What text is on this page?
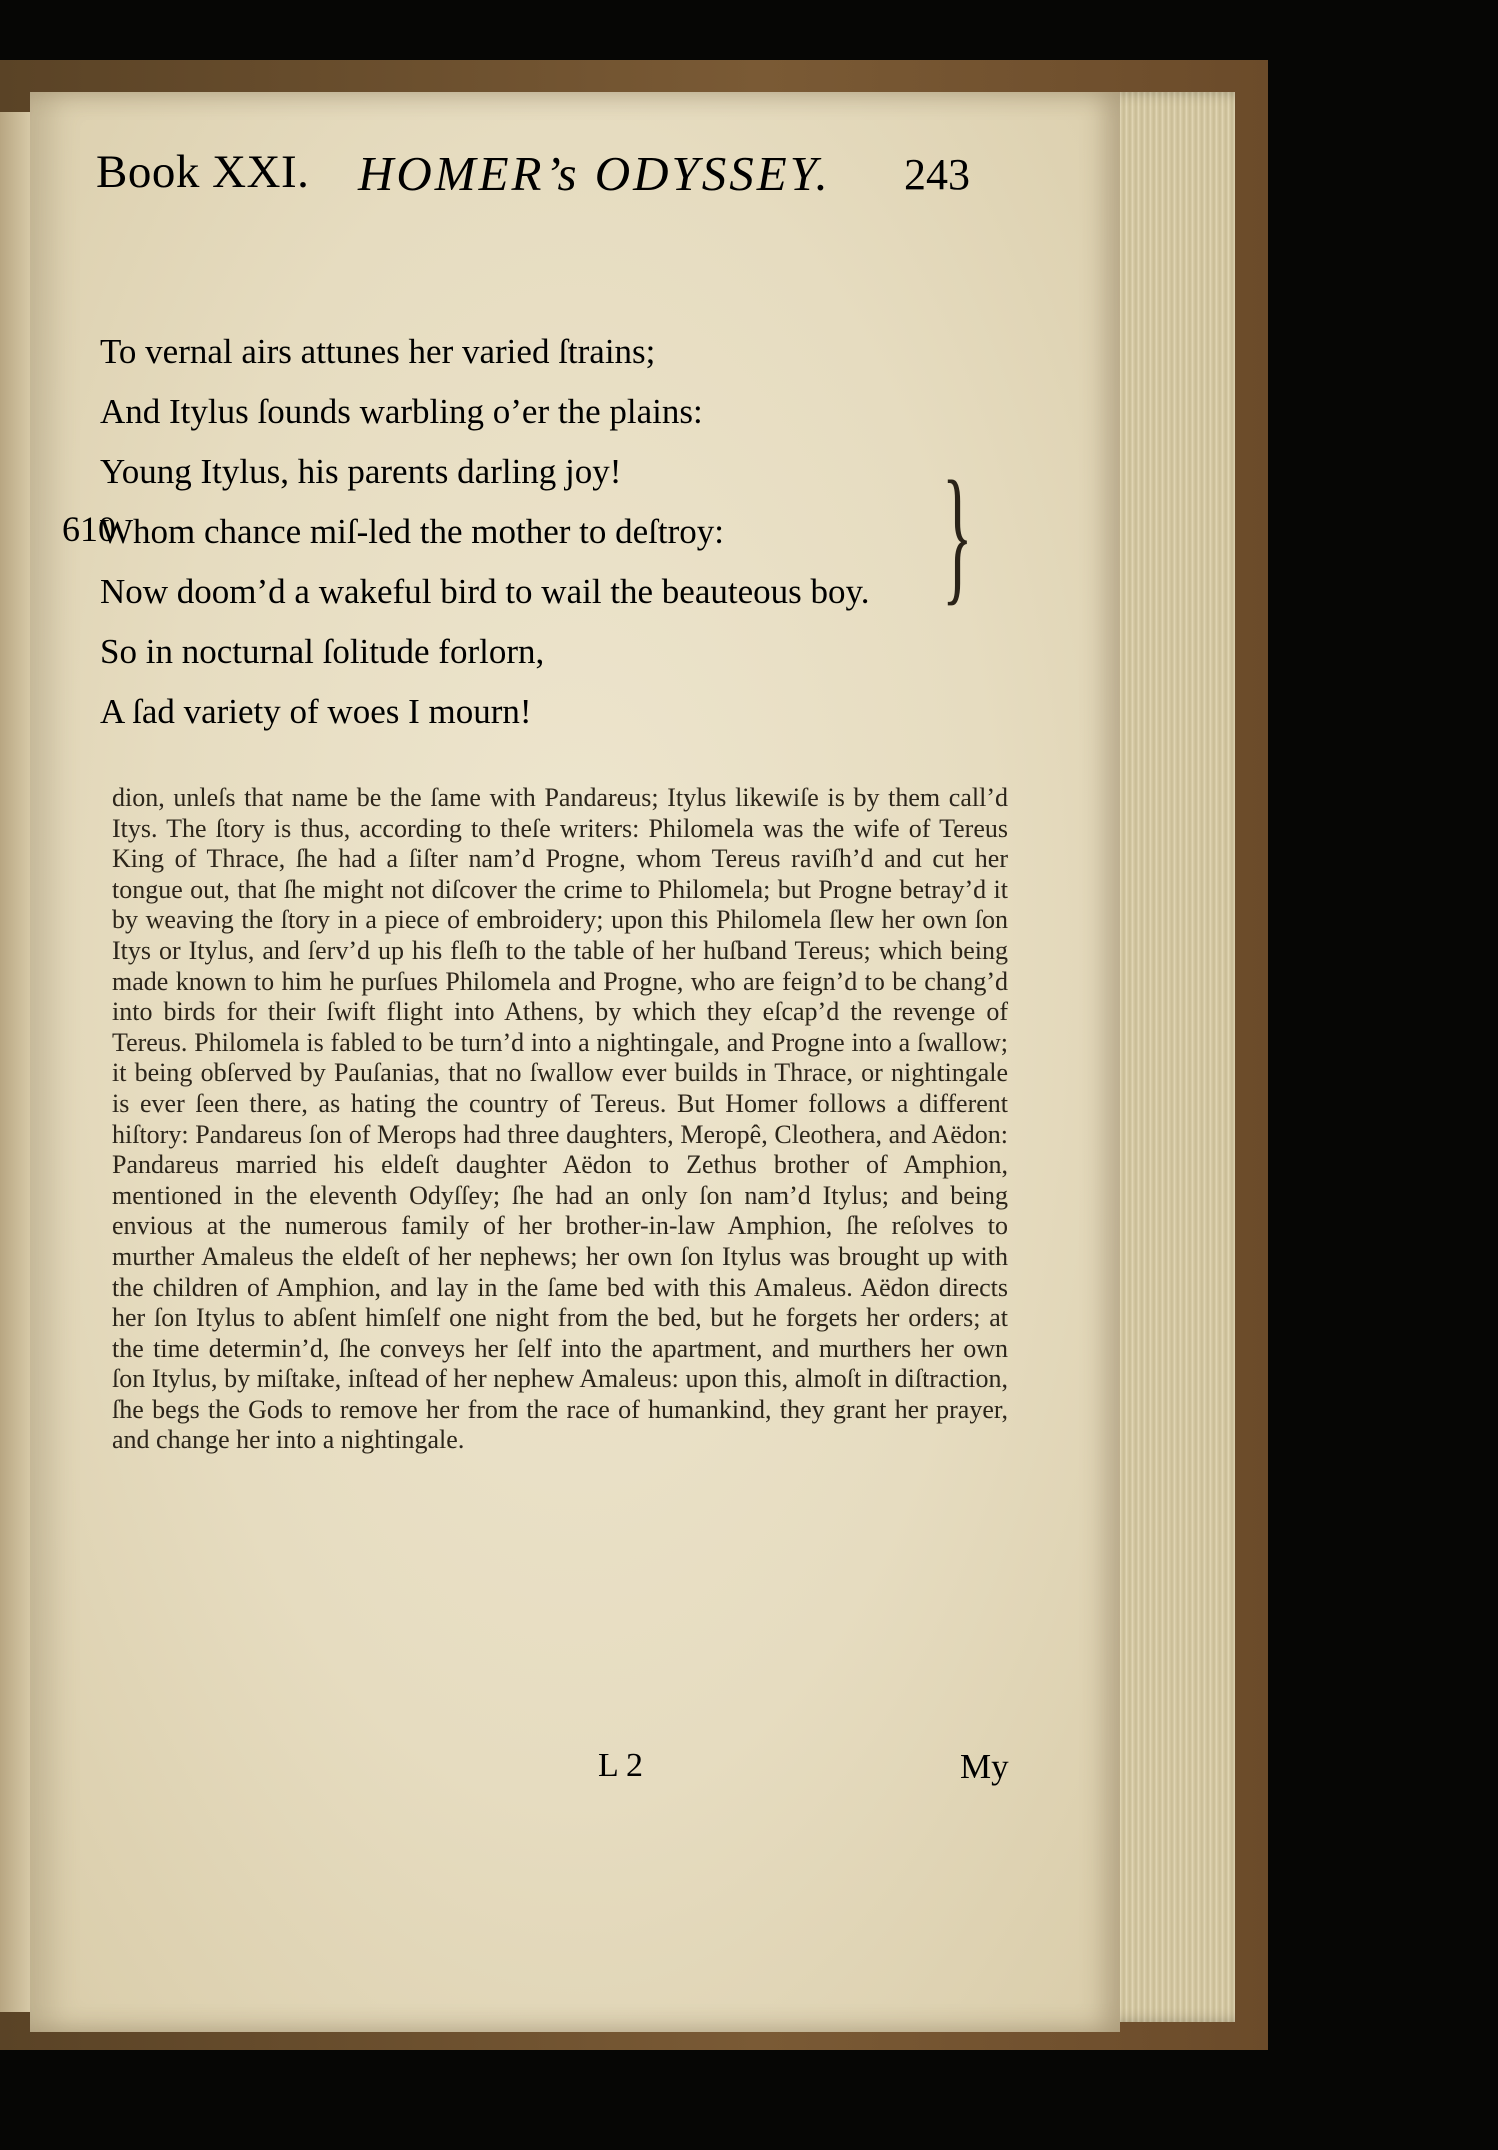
Book XXI. HOMER’s ODYSSEY. 243
To vernal airs attunes her varied ſtrains;
And Itylus ſounds warbling o’er the plains:
Young Itylus, his parents darling joy!
610
Whom chance miſ-led the mother to deſtroy:
Now doom’d a wakeful bird to wail the beauteous boy.
So in nocturnal ſolitude forlorn,
A ſad variety of woes I mourn!
}

dion, unleſs that name be the ſame with Pandareus; Itylus likewiſe is by them call’d Itys. The ſtory is thus, according to theſe writers: Philomela was the wife of Tereus King of Thrace, ſhe had a ſiſter nam’d Progne, whom Tereus raviſh’d and cut her tongue out, that ſhe might not diſcover the crime to Philomela; but Progne betray’d it by weaving the ſtory in a piece of embroidery; upon this Philomela ſlew her own ſon Itys or Itylus, and ſerv’d up his fleſh to the table of her huſband Tereus; which being made known to him he purſues Philomela and Progne, who are feign’d to be chang’d into birds for their ſwift flight into Athens, by which they eſcap’d the revenge of Tereus. Philomela is fabled to be turn’d into a nightingale, and Progne into a ſwallow; it being obſerved by Pauſanias, that no ſwallow ever builds in Thrace, or nightingale is ever ſeen there, as hating the country of Tereus. But Homer follows a different hiſtory: Pandareus ſon of Merops had three daughters, Meropê, Cleothera, and Aëdon: Pandareus married his eldeſt daughter Aëdon to Zethus brother of Amphion, mentioned in the eleventh Odyſſey; ſhe had an only ſon nam’d Itylus; and being envious at the numerous family of her brother-in-law Amphion, ſhe reſolves to murther Amaleus the eldeſt of her nephews; her own ſon Itylus was brought up with the children of Amphion, and lay in the ſame bed with this Amaleus. Aëdon directs her ſon Itylus to abſent himſelf one night from the bed, but he forgets her orders; at the time determin’d, ſhe conveys her ſelf into the apartment, and murthers her own ſon Itylus, by miſtake, inſtead of her nephew Amaleus: upon this, almoſt in diſtraction, ſhe begs the Gods to remove her from the race of humankind, they grant her prayer, and change her into a nightingale.

L 2	My
